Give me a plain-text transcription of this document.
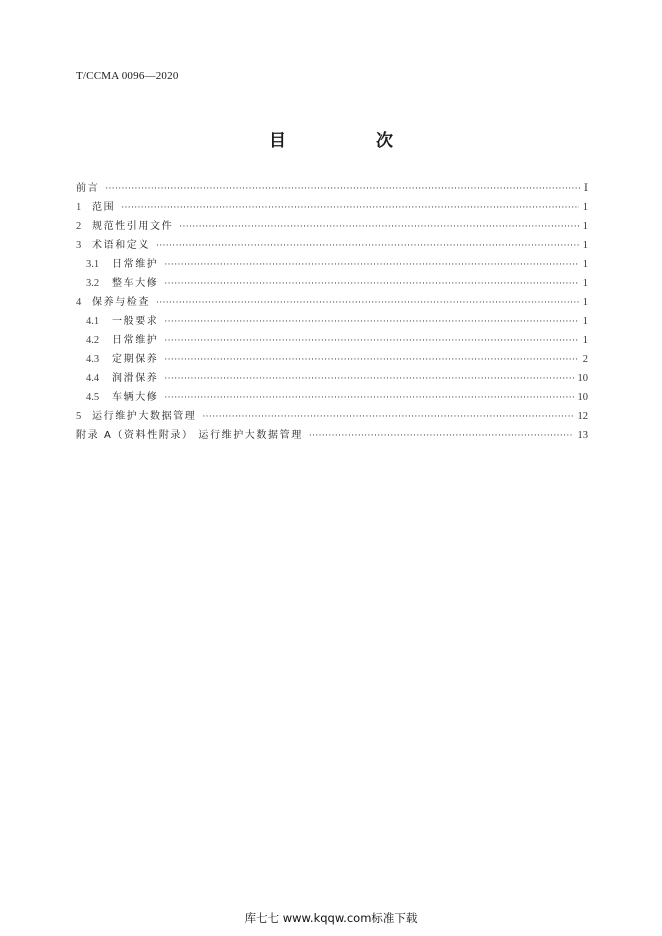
T/CCMA 0096—2020
目 次
前言 ·····	Ⅰ
1	范围 ·····	1
2	规范性引用文件 ·····	1
3	术语和定义 ·····	1
3.1	日常维护 ·····	1
3.2	整车大修 ·····	1
4	保养与检查 ·····	1
4.1	一般要求 ·····	1
4.2	日常维护 ·····	1
4.3	定期保养 ·····	2
4.4	润滑保养 ·····	10
4.5	车辆大修 ·····	10
5	运行维护大数据管理 ·····	12
附录 A（资料性附录） 运行维护大数据管理 ·····	13
库七七 www.kqqw.com标准下载
